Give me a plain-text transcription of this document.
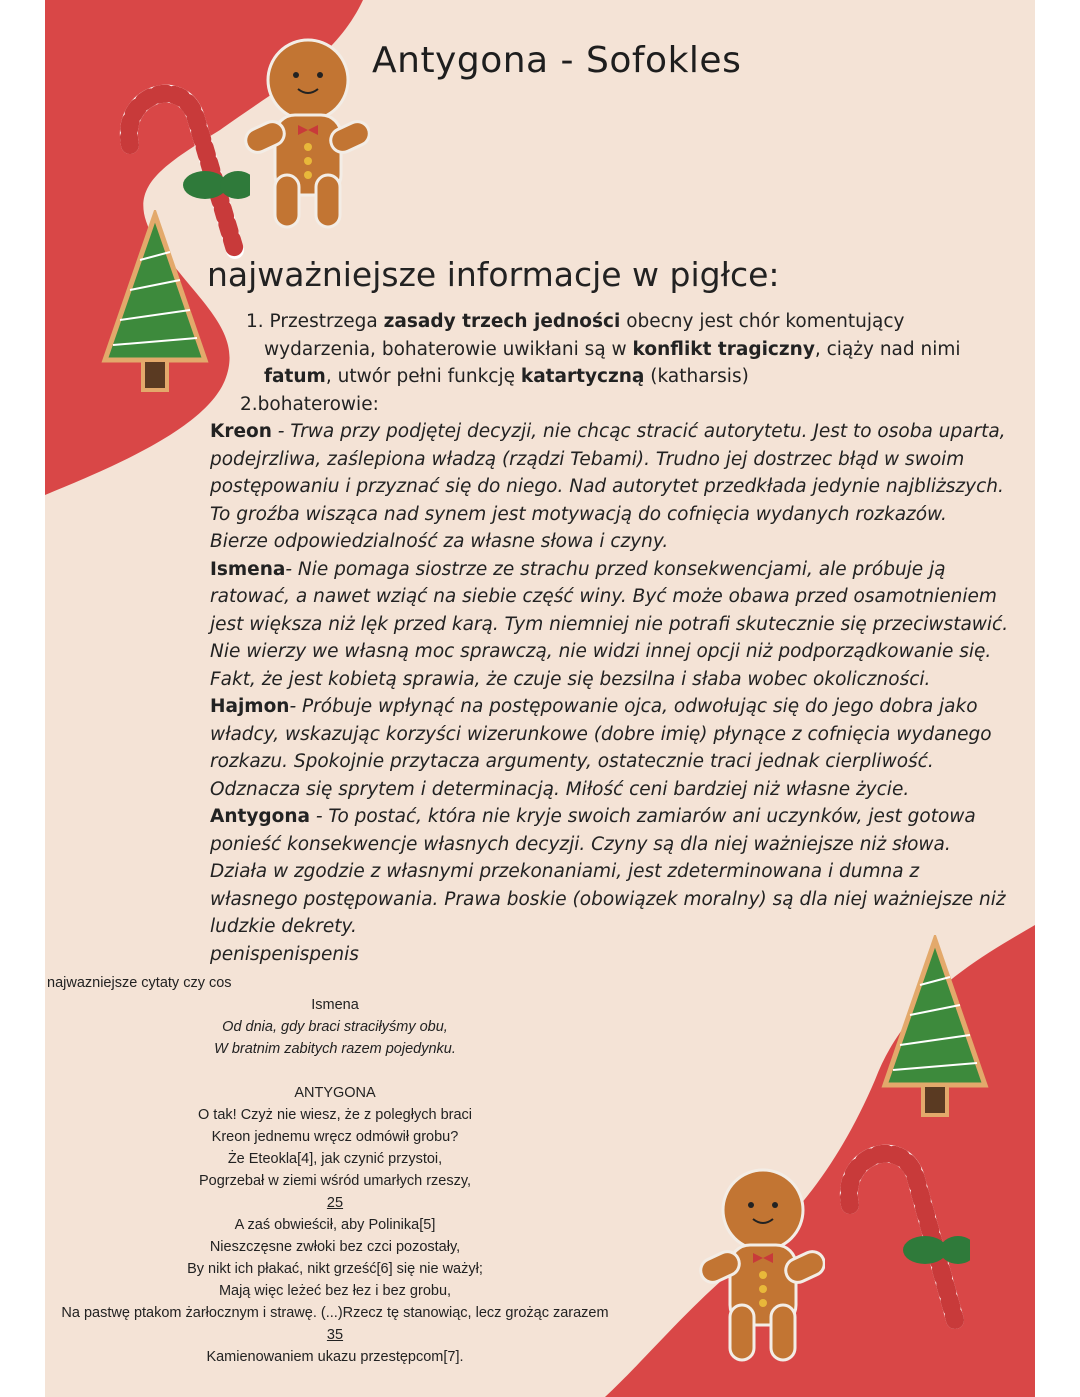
Antygona - Sofokles
najważniejsze informacje w pigłce:
1. Przestrzega zasady trzech jedności obecny jest chór komentujący wydarzenia, bohaterowie uwikłani są w konflikt tragiczny, ciąży nad nimi fatum, utwór pełni funkcję katartyczną (katharsis)
2.bohaterowie:

Kreon - Trwa przy podjętej decyzji, nie chcąc stracić autorytetu. Jest to osoba uparta, podejrzliwa, zaślepiona władzą (rządzi Tebami). Trudno jej dostrzec błąd w swoim postępowaniu i przyznać się do niego. Nad autorytet przedkłada jedynie najbliższych. To groźba wisząca nad synem jest motywacją do cofnięcia wydanych rozkazów. Bierze odpowiedzialność za własne słowa i czyny.

Ismena- Nie pomaga siostrze ze strachu przed konsekwencjami, ale próbuje ją ratować, a nawet wziąć na siebie część winy. Być może obawa przed osamotnieniem jest większa niż lęk przed karą. Tym niemniej nie potrafi skutecznie się przeciwstawić. Nie wierzy we własną moc sprawczą, nie widzi innej opcji niż podporządkowanie się. Fakt, że jest kobietą sprawia, że czuje się bezsilna i słaba wobec okoliczności.

Hajmon- Próbuje wpłynąć na postępowanie ojca, odwołując się do jego dobra jako władcy, wskazując korzyści wizerunkowe (dobre imię) płynące z cofnięcia wydanego rozkazu. Spokojnie przytacza argumenty, ostatecznie traci jednak cierpliwość. Odznacza się sprytem i determinacją. Miłość ceni bardziej niż własne życie.

Antygona - To postać, która nie kryje swoich zamiarów ani uczynków, jest gotowa ponieść konsekwencje własnych decyzji. Czyny są dla niej ważniejsze niż słowa. Działa w zgodzie z własnymi przekonaniami, jest zdeterminowana i dumna z własnego postępowania. Prawa boskie (obowiązek moralny) są dla niej ważniejsze niż ludzkie dekrety.

penispenispenis

najwazniejsze cytaty czy cos
Ismena
Od dnia, gdy braci straciłyśmy obu,
W bratnim zabitych razem pojedynku.
ANTYGONA
O tak! Czyż nie wiesz, że z poległych braci
Kreon jednemu wręcz odmówił grobu?
Że Eteokla[4], jak czynić przystoi,
Pogrzebał w ziemi wśród umarłych rzeszy,
25
A zaś obwieścił, aby Polinika[5]
Nieszczęsne zwłoki bez czci pozostały,
By nikt ich płakać, nikt grześć[6] się nie ważył;
Mają więc leżeć bez łez i bez grobu,
Na pastwę ptakom żarłocznym i strawę. (...)Rzecz tę stanowiąc, lecz grożąc zarazem
35
Kamienowaniem ukazu przestępcom[7].
